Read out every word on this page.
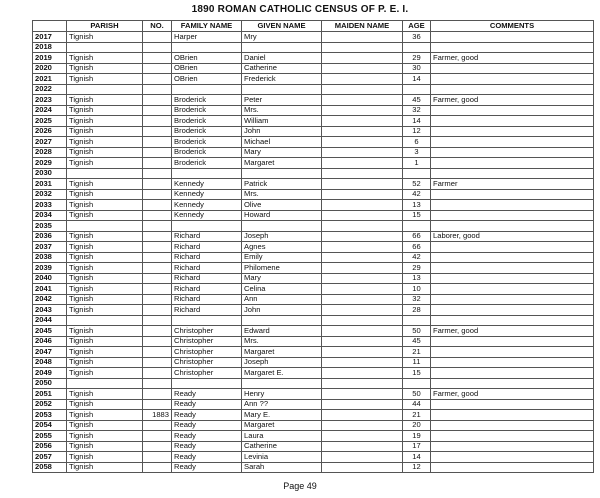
1890 ROMAN CATHOLIC CENSUS OF P. E. I.
	PARISH	NO.	FAMILY NAME	GIVEN NAME	MAIDEN NAME	AGE	COMMENTS
2017	Tignish		Harper	Mry		36	
2018							
2019	Tignish		OBrien	Daniel		29	Farmer, good
2020	Tignish		OBrien	Catherine		30	
2021	Tignish		OBrien	Frederick		14	
2022							
2023	Tignish		Broderick	Peter		45	Farmer, good
2024	Tignish		Broderick	Mrs.		32	
2025	Tignish		Broderick	William		14	
2026	Tignish		Broderick	John		12	
2027	Tignish		Broderick	Michael		6	
2028	Tignish		Broderick	Mary		3	
2029	Tignish		Broderick	Margaret		1	
2030							
2031	Tignish		Kennedy	Patrick		52	Farmer
2032	Tignish		Kennedy	Mrs.		42	
2033	Tignish		Kennedy	Olive		13	
2034	Tignish		Kennedy	Howard		15	
2035							
2036	Tignish		Richard	Joseph		66	Laborer, good
2037	Tignish		Richard	Agnes		66	
2038	Tignish		Richard	Emily		42	
2039	Tignish		Richard	Philomene		29	
2040	Tignish		Richard	Mary		13	
2041	Tignish		Richard	Celina		10	
2042	Tignish		Richard	Ann		32	
2043	Tignish		Richard	John		28	
2044							
2045	Tignish		Christopher	Edward		50	Farmer, good
2046	Tignish		Christopher	Mrs.		45	
2047	Tignish		Christopher	Margaret		21	
2048	Tignish		Christopher	Joseph		11	
2049	Tignish		Christopher	Margaret E.		15	
2050							
2051	Tignish		Ready	Henry		50	Farmer, good
2052	Tignish		Ready	Ann ??		44	
2053	Tignish	1883	Ready	Mary E.		21	
2054	Tignish		Ready	Margaret		20	
2055	Tignish		Ready	Laura		19	
2056	Tignish		Ready	Catherine		17	
2057	Tignish		Ready	Levinia		14	
2058	Tignish		Ready	Sarah		12	
Page 49
